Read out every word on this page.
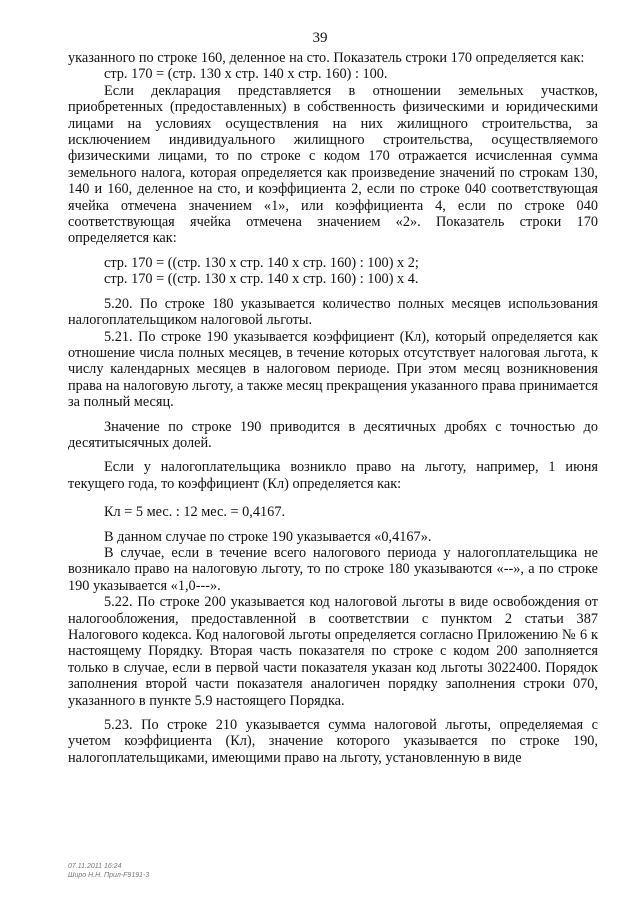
39

указанного по строке 160, деленное на сто. Показатель строки 170 определяется как:

стр. 170 = (стр. 130 х стр. 140 х стр. 160) : 100.

Если декларация представляется в отношении земельных участков, приобретенных (предоставленных) в собственность физическими и юридическими лицами на условиях осуществления на них жилищного строительства, за исключением индивидуального жилищного строительства, осуществляемого физическими лицами, то по строке с кодом 170 отражается исчисленная сумма земельного налога, которая определяется как произведение значений по строкам 130, 140 и 160, деленное на сто, и коэффициента 2, если по строке 040 соответствующая ячейка отмечена значением «1», или коэффициента 4, если по строке 040 соответствующая ячейка отмечена значением «2». Показатель строки 170 определяется как:

стр. 170 = ((стр. 130 х стр. 140 х стр. 160) : 100) х 2;

стр. 170 = ((стр. 130 х стр. 140 х стр. 160) : 100) х 4.

5.20. По строке 180 указывается количество полных месяцев использования налогоплательщиком налоговой льготы.

5.21. По строке 190 указывается коэффициент (Кл), который определяется как отношение числа полных месяцев, в течение которых отсутствует налоговая льгота, к числу календарных месяцев в налоговом периоде. При этом месяц возникновения права на налоговую льготу, а также месяц прекращения указанного права принимается за полный месяц.

Значение по строке 190 приводится в десятичных дробях с точностью до десятитысячных долей.

Если у налогоплательщика возникло право на льготу, например, 1 июня текущего года, то коэффициент (Кл) определяется как:

Кл = 5 мес. : 12 мес. = 0,4167.

В данном случае по строке 190 указывается «0,4167».

В случае, если в течение всего налогового периода у налогоплательщика не возникало право на налоговую льготу, то по строке 180 указываются «--», а по строке 190 указывается «1,0---».

5.22. По строке 200 указывается код налоговой льготы в виде освобождения от налогообложения, предоставленной в соответствии с пунктом 2 статьи 387 Налогового кодекса. Код налоговой льготы определяется согласно Приложению № 6 к настоящему Порядку. Вторая часть показателя по строке с кодом 200 заполняется только в случае, если в первой части показателя указан код льготы 3022400. Порядок заполнения второй части показателя аналогичен порядку заполнения строки 070, указанного в пункте 5.9 настоящего Порядка.

5.23. По строке 210 указывается сумма налоговой льготы, определяемая с учетом коэффициента (Кл), значение которого указывается по строке 190, налогоплательщиками, имеющими право на льготу, установленную в виде

07.11.2011 16:24
Широ Н.Н. Прил-F9191-3
